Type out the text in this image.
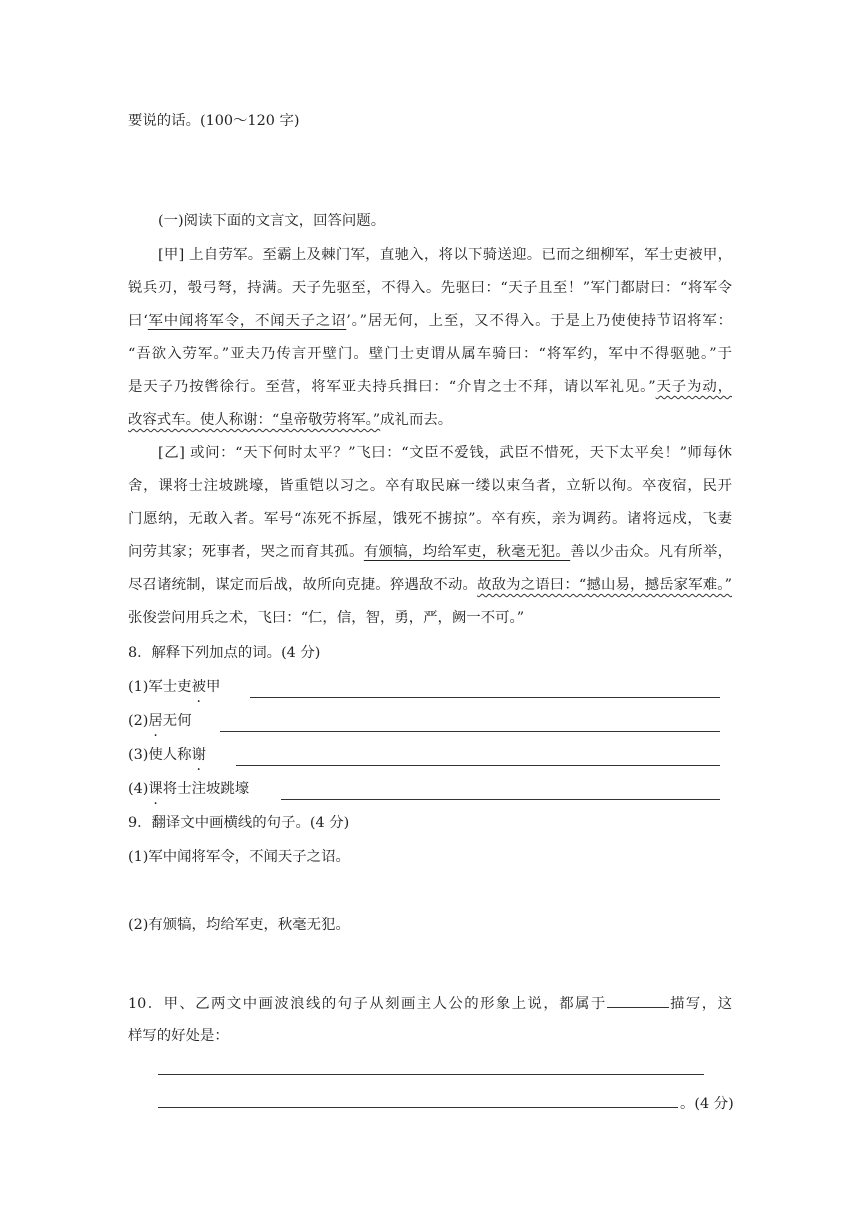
要说的话。(100～120 字)
(一)阅读下面的文言文，回答问题。
[甲] 上自劳军。至霸上及棘门军，直驰入，将以下骑送迎。已而之细柳军，军士吏被甲，
锐兵刃，彀弓弩，持满。天子先驱至，不得入。先驱曰：“天子且至！”军门都尉曰：“将军令
曰‘军中闻将军令，不闻天子之诏’。”居无何，上至，又不得入。于是上乃使使持节诏将军：
“吾欲入劳军。”亚夫乃传言开壁门。壁门士吏谓从属车骑曰：“将军约，军中不得驱驰。”于
是天子乃按辔徐行。至营，将军亚夫持兵揖曰：“介胄之士不拜，请以军礼见。”天子为动，
改容式车。使人称谢：“皇帝敬劳将军。”成礼而去。
[乙] 或问：“天下何时太平？”飞曰：“文臣不爱钱，武臣不惜死，天下太平矣！”师每休
舍，课将士注坡跳壕，皆重铠以习之。卒有取民麻一缕以束刍者，立斩以徇。卒夜宿，民开
门愿纳，无敢入者。军号“冻死不拆屋，饿死不掳掠”。卒有疾，亲为调药。诸将远戍，飞妻
问劳其家；死事者，哭之而育其孤。有颁犒，均给军吏，秋毫无犯。善以少击众。凡有所举，
尽召诸统制，谋定而后战，故所向克捷。猝遇敌不动。故敌为之语曰：“撼山易，撼岳家军难。”
张俊尝问用兵之术，飞曰：“仁，信，智，勇，严，阙一不可。”
8．解释下列加点的词。(4 分)
(1)军士吏被甲
(2)居无何
(3)使人称谢
(4)课将士注坡跳壕
9．翻译文中画横线的句子。(4 分)
(1)军中闻将军令，不闻天子之诏。
(2)有颁犒，均给军吏，秋毫无犯。
10．甲、乙两文中画波浪线的句子从刻画主人公的形象上说，都属于	描写，这
样写的好处是：
。(4 分)
